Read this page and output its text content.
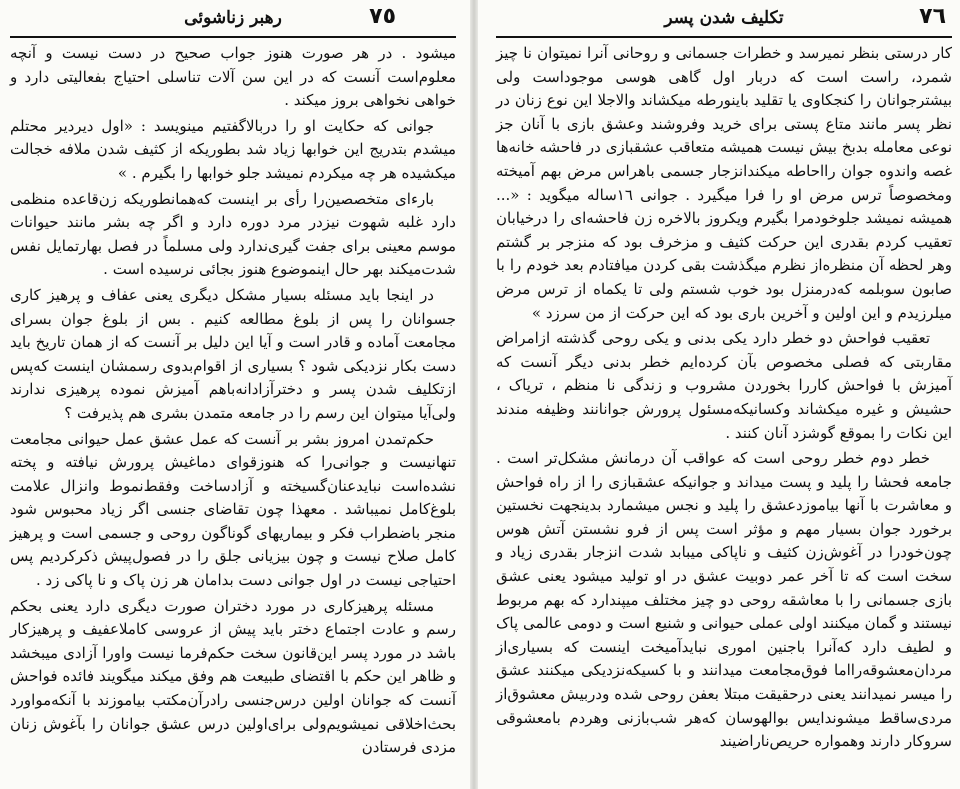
٧٦
تکلیف شدن پسر

کار درستی بنظر نمیرسد و خطرات جسمانی و روحانی آنرا نمیتوان نا چیز شمرد، راست است که دربار اول گاهی هوسی موجوداست ولی بیشترجوانان را کنجکاوی یا تقلید باینورطه میکشاند والاجلا این نوع زنان در نظر پسر مانند متاع پستی برای خرید وفروشند وعشق بازی با آنان جز نوعی معامله بدبخ بیش نیست همیشه متعاقب عشقبازی در فاحشه خانه‌ها غصه واندوه جوان رااحاطه میکندانزجار جسمی باهراس مرض بهم آمیخته ومخصوصاً ترس مرض او را فرا میگیرد . جوانی ١٦ساله میگوید : «... همیشه نمیشد جلوخودمرا بگیرم ویکروز بالاخره زن فاحشه‌ای را درخیابان تعقیب کردم بقدری این حرکت کثیف و مزخرف بود که منزجر بر گشتم وهر لحظه آن منظره‌از نظرم میگذشت بقی کردن میافتادم بعد خودم را با صابون سوبلمه که‌درمنزل بود خوب شستم ولی تا یکماه از ترس مرض میلرزیدم و این اولین و آخرین باری بود که این حرکت از من سرزد »

تعقیب فواحش دو خطر دارد یکی بدنی و یکی روحی گذشته ازامراض مقاربتی که فصلی مخصوص بآن کرده‌ایم خطر بدنی دیگر آنست که آمیزش با فواحش کاررا بخوردن مشروب و زندگی نا منظم ، تریاک ، حشیش و غیره میکشاند وکسانیکه‌مسئول پرورش جوانانند وظیفه مندند این نکات را بموقع گوشزد آنان کنند .

خطر دوم خطر روحی است که عواقب آن درمانش مشکل‌تر است . جامعه فحشا را پلید و پست میداند و جوانیکه عشقبازی را از راه فواحش و معاشرت با آنها بیاموزدعشق را پلید و نجس میشمارد بدینجهت نخستین برخورد جوان بسیار مهم و مؤثر است پس از فرو نشستن آتش هوس چون‌خودرا در آغوش‌زن کثیف و ناپاکی میبابد شدت انزجار بقدری زیاد و سخت است که تا آخر عمر دوبیت عشق در او تولید میشود یعنی عشق بازی جسمانی را با معاشقه روحی دو چیز مختلف میپندارد که بهم مربوط نیستند و گمان میکنند اولی عملی حیوانی و شنیع است و دومی عالمی پاک و لطیف دارد که‌آنرا باجنین اموری نبایدآمیخت اینست که بسیاری‌از مردان‌معشوقه‌رااما فوق‌مجامعت میدانند و با کسیکه‌نزدیکی میکنند عشق را میسر نمیدانند یعنی درحقیقت مبتلا بعفن روحی شده ودربیش معشوق‌از مردی‌ساقط میشوندایس بوالهوسان که‌هر شب‌بازنی وهردم بامعشوقی سروکار دارند وهمواره حریص‌ناراضیند

٧٥
رهبر زناشوئی

میشود . در هر صورت هنوز جواب صحیح در دست نیست و آنچه معلوم‌است آنست که در این سن آلات تناسلی احتیاج بفعالیتی دارد و خواهی نخواهی بروز میکند .

جوانی که حکایت او را دربالاگفتیم مینویسد : «اول دیردیر محتلم میشدم بتدریج این خوابها زیاد شد بطوریکه از کثیف شدن ملافه خجالت میکشیده هر چه میکردم نمیشد جلو خوابها را بگیرم . »

بارءای متخصصین‌را رأی بر اینست که‌همانطوریکه زن‌قاعده منظمی دارد غلبه شهوت نیزدر مرد دوره دارد و اگر چه بشر مانند حیوانات موسم معینی برای جفت گیری‌ندارد ولی مسلماً در فصل بهارتمایل نفس شدت‌میکند بهر حال اینموضوع هنوز بجائی نرسیده است .

در اینجا باید مسئله بسیار مشکل دیگری یعنی عفاف و پرهیز کاری جسوانان را پس از بلوغ مطالعه کنیم . بس از بلوغ جوان بسرای مجامعت آماده و قادر است و آیا این دلیل بر آنست که از همان تاریخ باید دست بکار نزدیکی شود ؟ بسیاری از اقوام‌بدوی رسمشان اینست که‌پس ازتکلیف شدن پسر و دخترآزادانه‌باهم آمیزش نموده پرهیزی ندارند ولی‌آیا میتوان این رسم را در جامعه متمدن بشری هم پذیرفت ؟

حکم‌تمدن امروز بشر بر آنست که عمل عشق عمل حیوانی مجامعت تنهانیست و جوانی‌را که هنوزقوای دماغیش پرورش نیافته و پخته نشده‌است نبایدعنان‌گسیخته و آزادساخت وفقط‌نموط وانزال علامت بلوغ‌کامل نمیباشد . معهذا چون تقاضای جنسی اگر زیاد محبوس شود منجر باضطراب فکر و بیماریهای گوناگون روحی و جسمی است و پرهیز کامل صلاح نیست و چون بیزیانی جلق را در فصول‌پیش ذکرکردیم پس احتیاجی نیست در اول جوانی دست بدامان هر زن پاک و نا پاکی زد .

مسئله پرهیزکاری در مورد دختران صورت دیگری دارد یعنی بحکم رسم و عادت اجتماع دختر باید پیش از عروسی کاملاعفیف و پرهیزکار باشد در مورد پسر این‌قانون سخت حکم‌فرما نیست واورا آزادی میبخشد و ظاهر این حکم با اقتضای طبیعت هم وفق میکند میگویند فائده فواحش آنست که جوانان اولین درس‌جنسی رادرآن‌مکتب بیاموزند با آنکه‌مواورد بحث‌اخلاقی نمیشویم‌ولی برای‌اولین درس عشق جوانان را بآغوش زنان مزدی فرستادن
